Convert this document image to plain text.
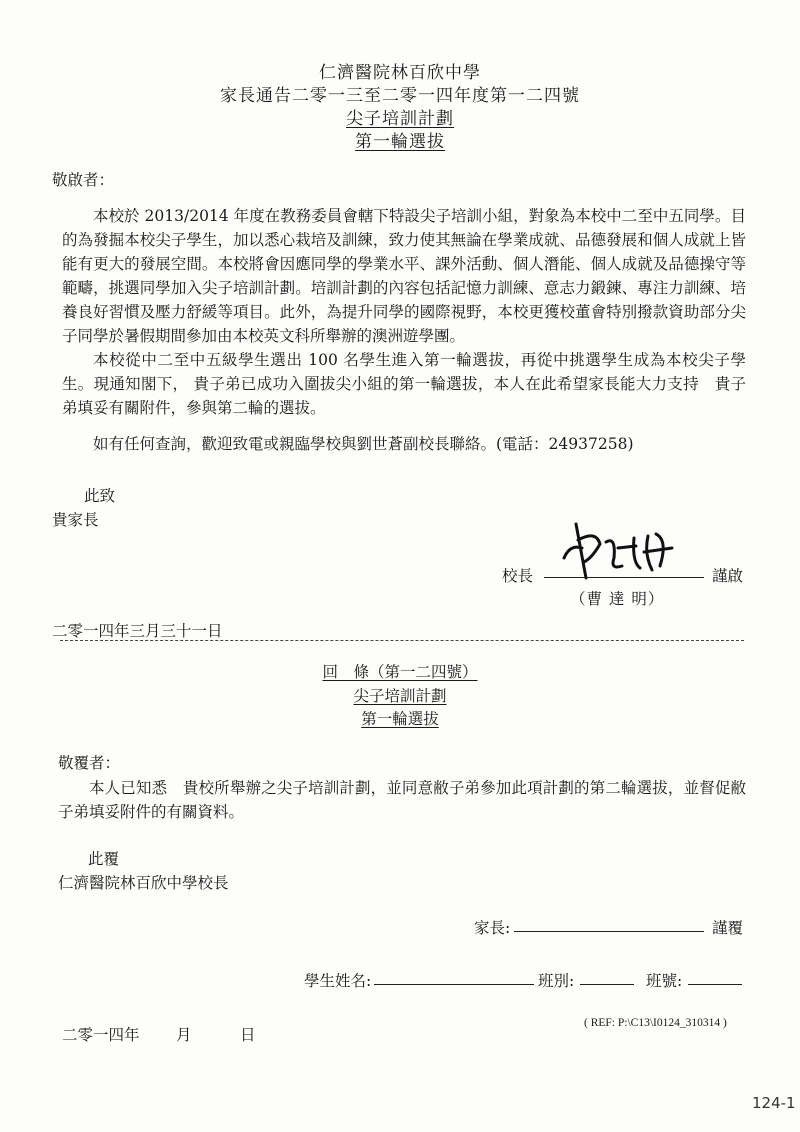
仁濟醫院林百欣中學
家長通告二零一三至二零一四年度第一二四號
尖子培訓計劃
第一輪選拔
敬啟者：
本校於 2013/2014 年度在教務委員會轄下特設尖子培訓小組，對象為本校中二至中五同學。目的為發掘本校尖子學生，加以悉心栽培及訓練，致力使其無論在學業成就、品德發展和個人成就上皆能有更大的發展空間。本校將會因應同學的學業水平、課外活動、個人潛能、個人成就及品德操守等範疇，挑選同學加入尖子培訓計劃。培訓計劃的內容包括記憶力訓練、意志力鍛鍊、專注力訓練、培養良好習慣及壓力舒緩等項目。此外，為提升同學的國際視野，本校更獲校董會特別撥款資助部分尖子同學於暑假期間參加由本校英文科所舉辦的澳洲遊學團。
本校從中二至中五級學生選出 100 名學生進入第一輪選拔，再從中挑選學生成為本校尖子學生。現通知閣下， 貴子弟已成功入圍拔尖小組的第一輪選拔，本人在此希望家長能大力支持　貴子弟填妥有關附件，參與第二輪的選拔。
如有任何查詢，歡迎致電或親臨學校與劉世蒼副校長聯絡。(電話：24937258)
此致
貴家長
校長	謹啟
（曹 達 明）
二零一四年三月三十一日
回　條（第一二四號）
尖子培訓計劃
第一輪選拔
敬覆者：
本人已知悉　貴校所舉辦之尖子培訓計劃，並同意敝子弟參加此項計劃的第二輪選拔，並督促敝子弟填妥附件的有關資料。
此覆
仁濟醫院林百欣中學校長
家長:	謹覆
學生姓名:	班別:	班號:
二零一四年 月	日
( REF: P:\C13\I0124_310314 )
124-1
